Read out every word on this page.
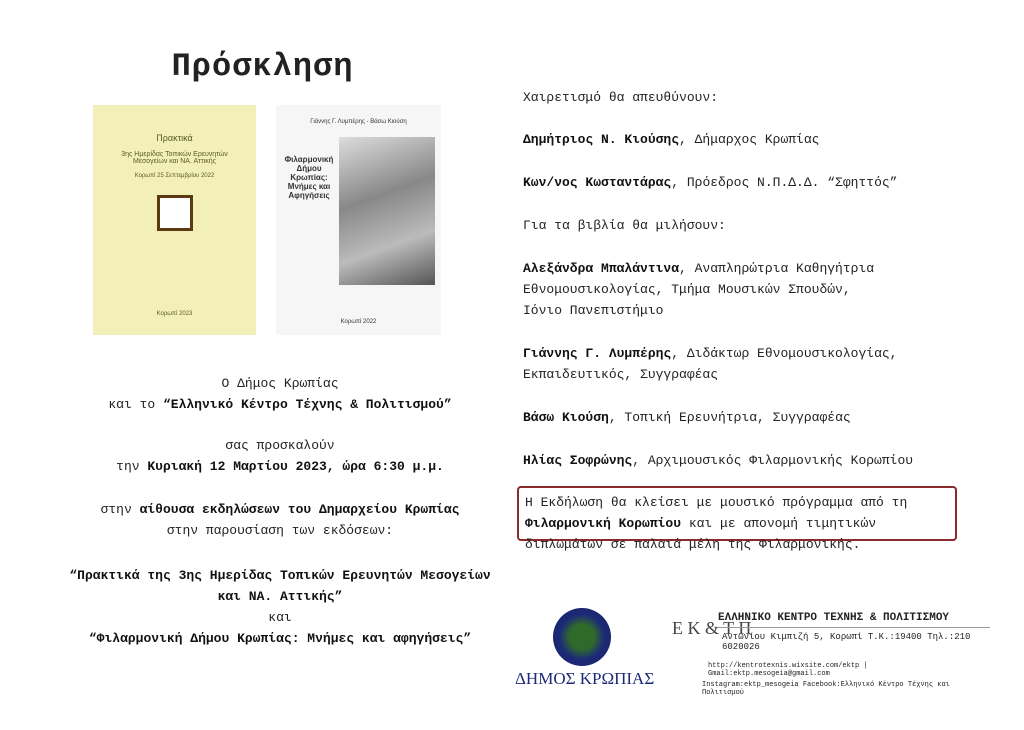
Πρόσκληση
Πρακτικά
3ης Ημερίδας Τοπικών Ερευνητών
Μεσογείων και ΝΑ. Αττικής
Κορωπί 25 Σεπτεμβρίου 2022
Κορωπί 2023
Γιάννης Γ. Λυμπέρης - Βάσω Κιούση
Φιλαρμονική Δήμου Κρωπίας: Μνήμες και Αφηγήσεις
Κορωπί 2022
Ο Δήμος Κρωπίας
και το “Ελληνικό Κέντρο Τέχνης & Πολιτισμού”
σας προσκαλούν
την Κυριακή 12 Μαρτίου 2023, ώρα 6:30 μ.μ.
στην αίθουσα εκδηλώσεων του Δημαρχείου Κρωπίας
στην παρουσίαση των εκδόσεων:
“Πρακτικά της 3ης Ημερίδας Τοπικών Ερευνητών Μεσογείων
και ΝΑ. Αττικής”
και
“Φιλαρμονική Δήμου Κρωπίας: Μνήμες και αφηγήσεις”
Χαιρετισμό θα απευθύνουν:
Δημήτριος Ν. Κιούσης, Δήμαρχος Κρωπίας
Κων/νος Κωσταντάρας, Πρόεδρος Ν.Π.Δ.Δ. “Σφηττός”
Για τα βιβλία θα μιλήσουν:
Αλεξάνδρα Μπαλάντινα, Αναπληρώτρια Καθηγήτρια
Εθνομουσικολογίας, Τμήμα Μουσικών Σπουδών,
Ιόνιο Πανεπιστήμιο
Γιάννης Γ. Λυμπέρης, Διδάκτωρ Εθνομουσικολογίας,
Εκπαιδευτικός, Συγγραφέας
Βάσω Κιούση, Τοπική Ερευνήτρια, Συγγραφέας
Ηλίας Σοφρώνης, Αρχιμουσικός Φιλαρμονικής Κορωπίου
Η Εκδήλωση θα κλείσει με μουσικό πρόγραμμα από τη
Φιλαρμονική Κορωπίου και με απονομή τιμητικών
διπλωμάτων σε παλαιά μέλη της Φιλαρμονικής.
ΔΗΜΟΣ ΚΡΩΠΙΑΣ
Ε Κ & Τ Π
ΕΛΛΗΝΙΚΟ ΚΕΝΤΡΟ ΤΕΧΝΗΣ & ΠΟΛΙΤΙΣΜΟΥ
Αντωνίου Κιμπιζή 5, Κορωπί Τ.Κ.:19400 Τηλ.:210 6020026
http://kentrotexnis.wixsite.com/ektp | Gmail:ektp.mesogeia@gmail.com
Instagram:ektp_mesogeia Facebook:Ελληνικό Κέντρο Τέχνης και Πολιτισμού
